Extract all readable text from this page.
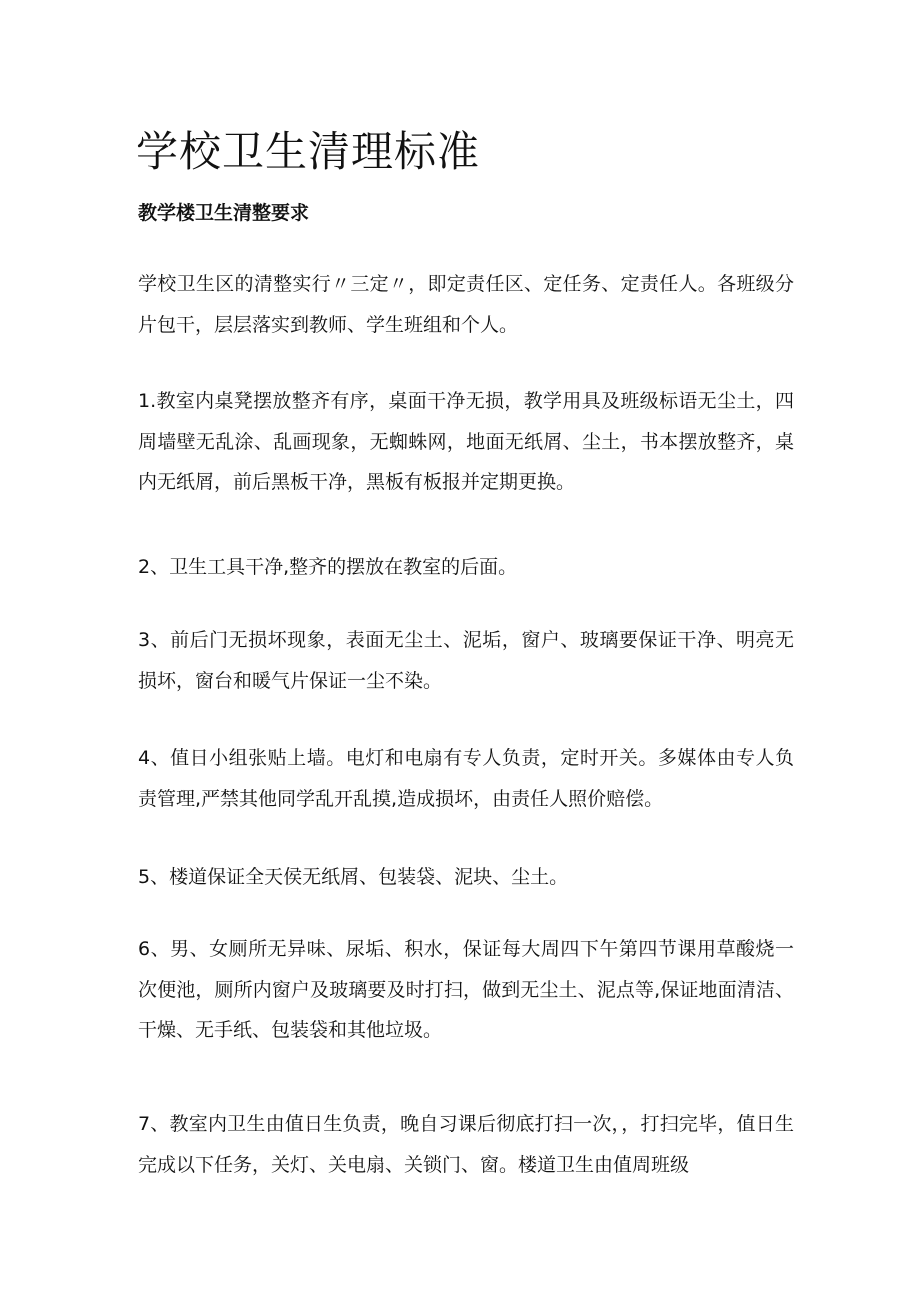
学校卫生清理标准
教学楼卫生清整要求

学校卫生区的清整实行〃三定〃，即定责任区、定任务、定责任人。各班级分片包干，层层落实到教师、学生班组和个人。

1.教室内桌凳摆放整齐有序，桌面干净无损，教学用具及班级标语无尘土，四周墙壁无乱涂、乱画现象，无蜘蛛网，地面无纸屑、尘土，书本摆放整齐，桌内无纸屑，前后黑板干净，黑板有板报并定期更换。

2、卫生工具干净,整齐的摆放在教室的后面。

3、前后门无损坏现象，表面无尘土、泥垢，窗户、玻璃要保证干净、明亮无损坏，窗台和暖气片保证一尘不染。

4、值日小组张贴上墙。电灯和电扇有专人负责，定时开关。多媒体由专人负责管理,严禁其他同学乱开乱摸,造成损坏，由责任人照价赔偿。

5、楼道保证全天侯无纸屑、包装袋、泥块、尘土。

6、男、女厕所无异味、尿垢、积水，保证每大周四下午第四节课用草酸烧一次便池，厕所内窗户及玻璃要及时打扫，做到无尘土、泥点等,保证地面清洁、干燥、无手纸、包装袋和其他垃圾。

7、教室内卫生由值日生负责，晚自习课后彻底打扫一次，，打扫完毕，值日生完成以下任务，关灯、关电扇、关锁门、窗。楼道卫生由值周班级
